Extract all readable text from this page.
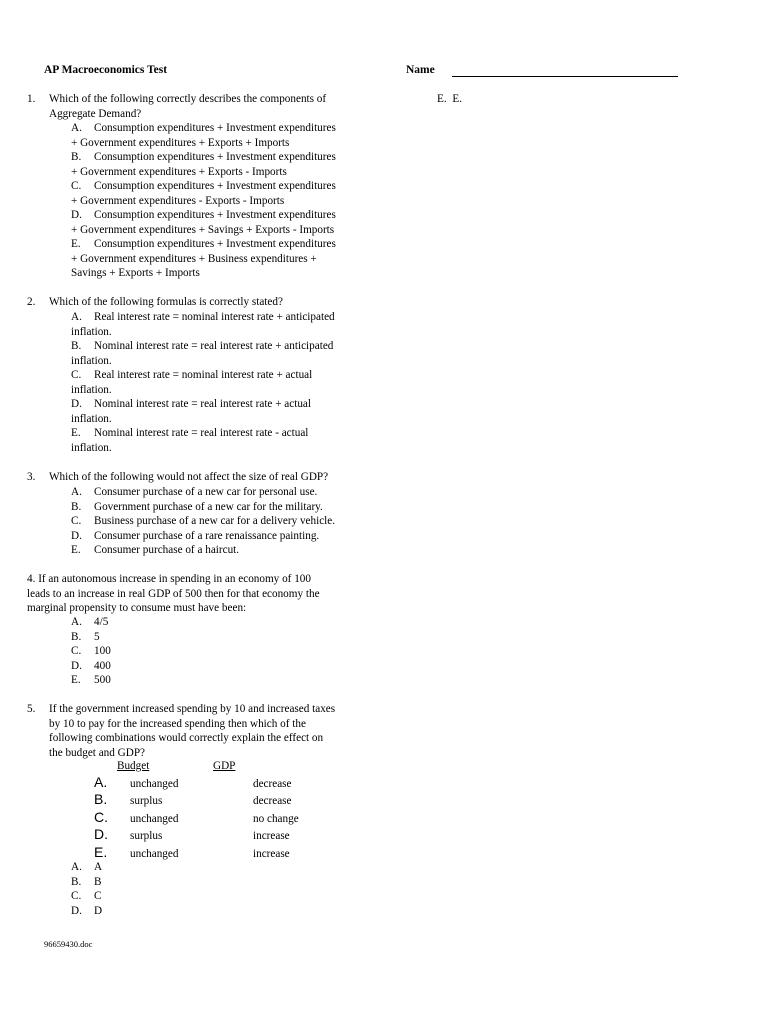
AP Macroeconomics Test	Name
E. E.
1. Which of the following correctly describes the components of
Aggregate Demand?
A.	Consumption expenditures + Investment expenditures
+ Government expenditures + Exports + Imports
B.	Consumption expenditures + Investment expenditures
+ Government expenditures + Exports - Imports
C.	Consumption expenditures + Investment expenditures
+ Government expenditures - Exports - Imports
D.	Consumption expenditures + Investment expenditures
+ Government expenditures + Savings + Exports - Imports
E.	Consumption expenditures + Investment expenditures
+ Government expenditures + Business expenditures +
Savings + Exports + Imports
2. Which of the following formulas is correctly stated?
A.	Real interest rate = nominal interest rate + anticipated
inflation.
B.	Nominal interest rate = real interest rate + anticipated
inflation.
C.	Real interest rate = nominal interest rate + actual
inflation.
D.	Nominal interest rate = real interest rate + actual
inflation.
E.	Nominal interest rate = real interest rate - actual
inflation.
3. Which of the following would not affect the size of real GDP?
A.	Consumer purchase of a new car for personal use.
B.	Government purchase of a new car for the military.
C.	Business purchase of a new car for a delivery vehicle.
D.	Consumer purchase of a rare renaissance painting.
E.	Consumer purchase of a haircut.
4. If an autonomous increase in spending in an economy of 100
leads to an increase in real GDP of 500 then for that economy the
marginal propensity to consume must have been:
A.	4/5
B.	5
C.	100
D.	400
E.	500
5. If the government increased spending by 10 and increased taxes
by 10 to pay for the increased spending then which of the
following combinations would correctly explain the effect on
the budget and GDP?
Budget	GDP
A. unchanged	decrease
B. surplus	decrease
C. unchanged	no change
D. surplus	increase
E. unchanged	increase
A.	A
B.	B
C.	C
D.	D
96659430.doc
